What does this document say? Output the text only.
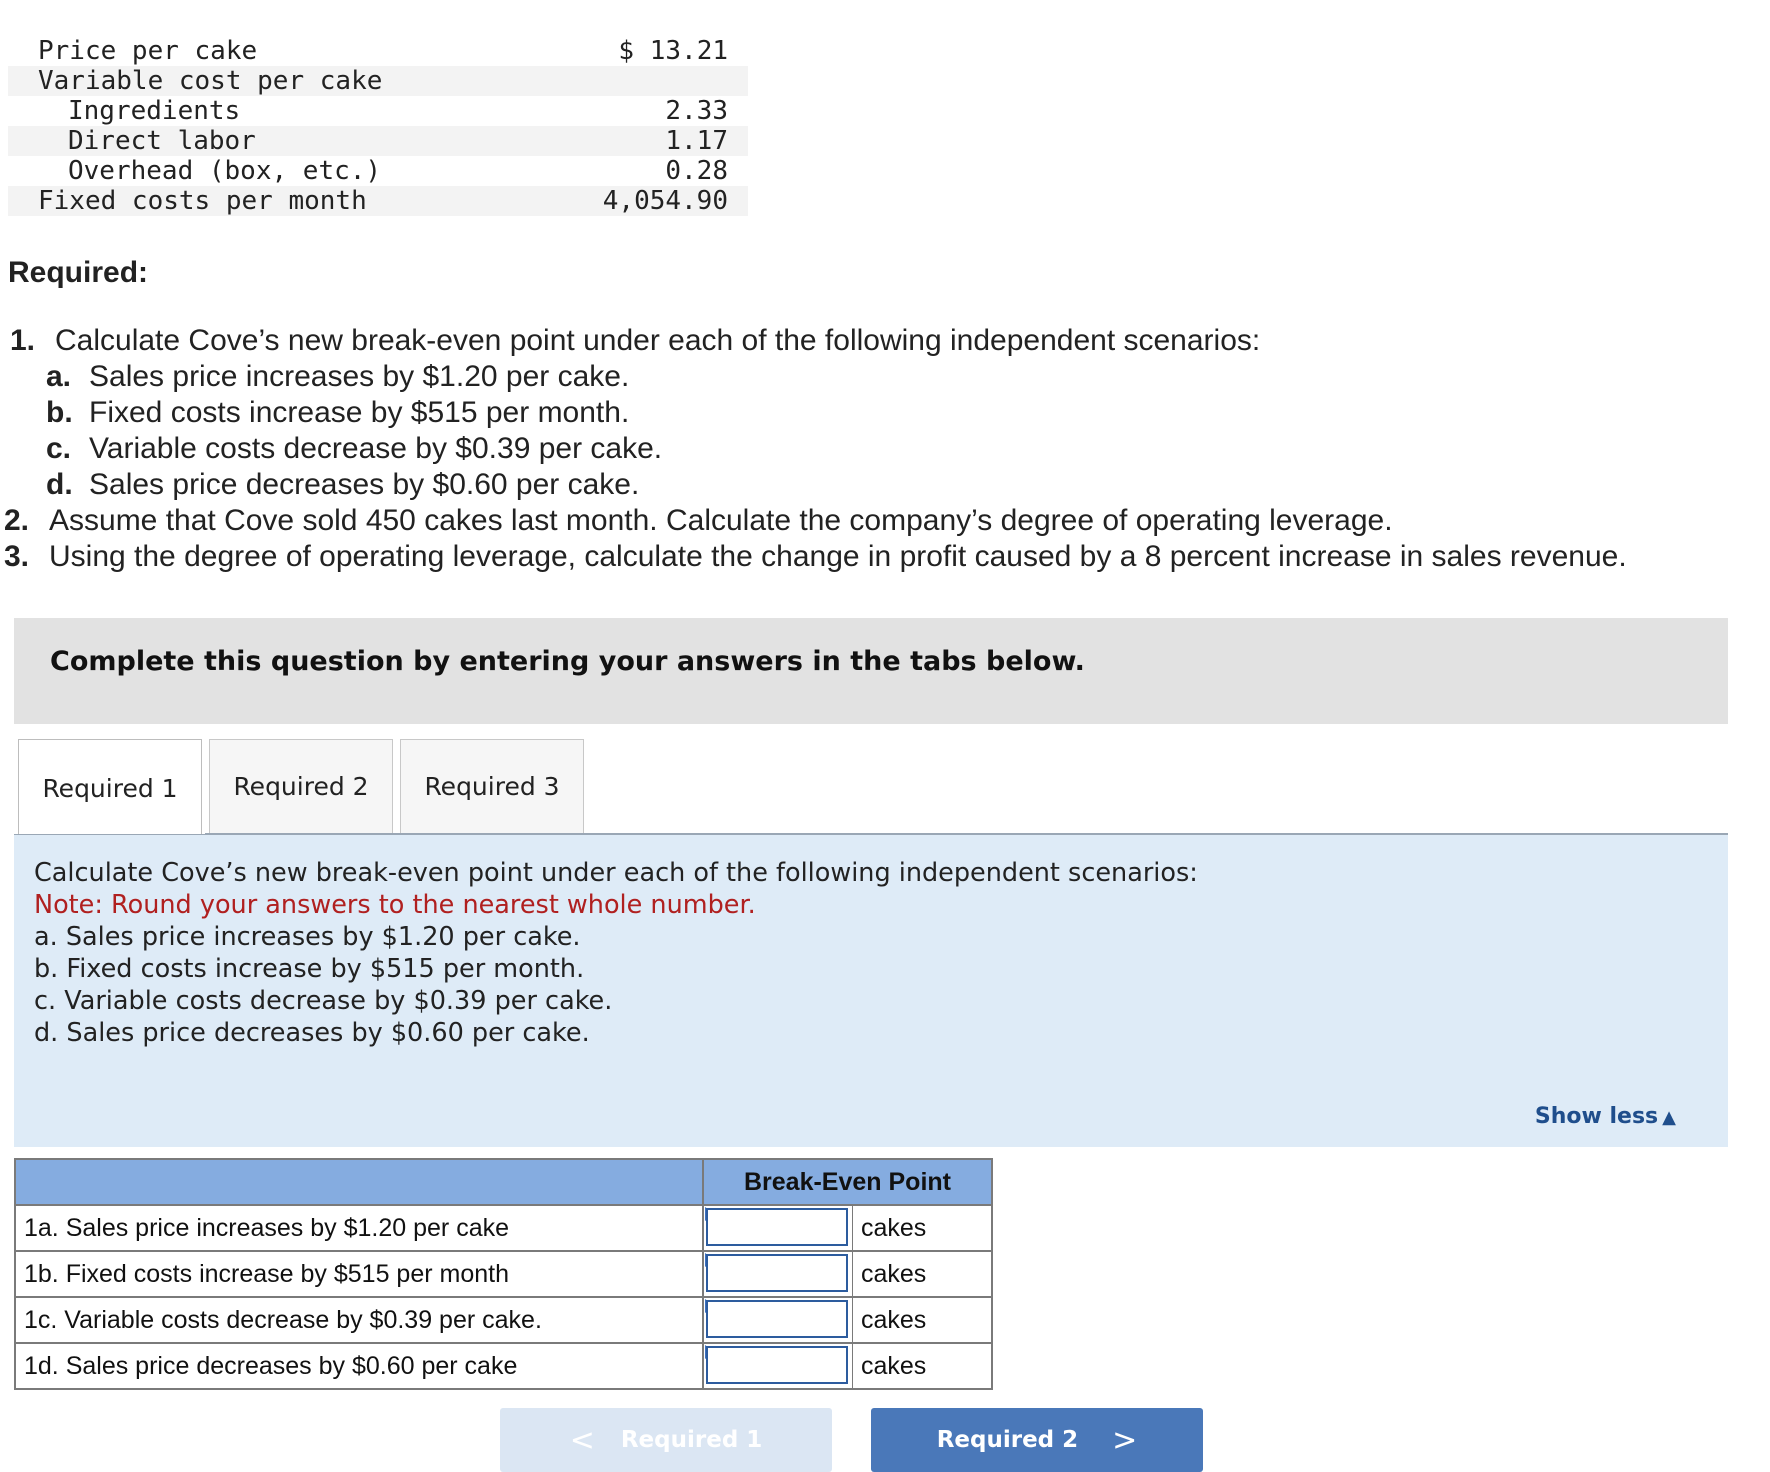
Price per cake	$ 13.21
Variable cost per cake	
Ingredients	2.33
Direct labor	1.17
Overhead (box, etc.)	0.28
Fixed costs per month	4,054.90
Required:
1. Calculate Cove’s new break-even point under each of the following independent scenarios:
a. Sales price increases by $1.20 per cake.
b. Fixed costs increase by $515 per month.
c. Variable costs decrease by $0.39 per cake.
d. Sales price decreases by $0.60 per cake.
2. Assume that Cove sold 450 cakes last month. Calculate the company’s degree of operating leverage.
3. Using the degree of operating leverage, calculate the change in profit caused by a 8 percent increase in sales revenue.
Complete this question by entering your answers in the tabs below.
Required 1	Required 2	Required 3
Calculate Cove’s new break-even point under each of the following independent scenarios:
Note: Round your answers to the nearest whole number.
a. Sales price increases by $1.20 per cake.
b. Fixed costs increase by $515 per month.
c. Variable costs decrease by $0.39 per cake.
d. Sales price decreases by $0.60 per cake.
Show less ▲
	Break-Even Point	
1a. Sales price increases by $1.20 per cake		cakes
1b. Fixed costs increase by $515 per month		cakes
1c. Variable costs decrease by $0.39 per cake.		cakes
1d. Sales price decreases by $0.60 per cake		cakes
< Required 1	Required 2 >
